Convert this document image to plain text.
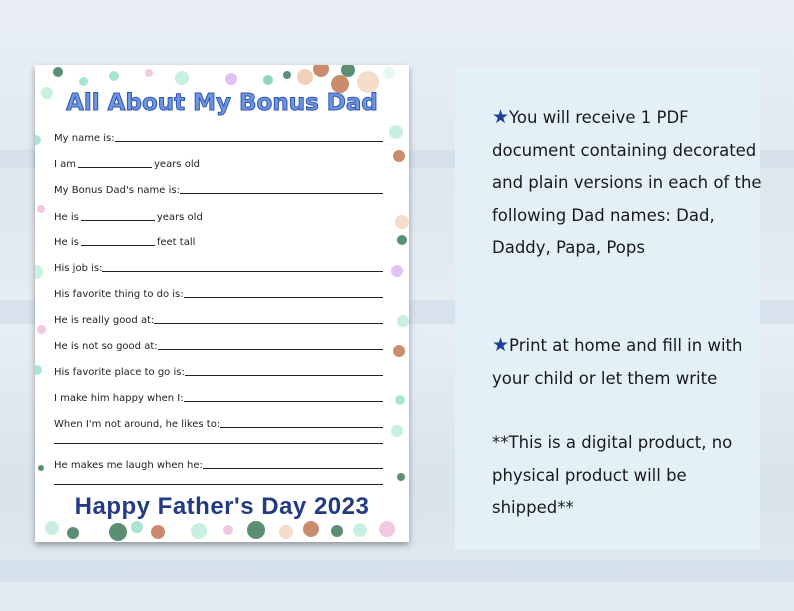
All About My Bonus Dad
My name is:
I am	years old
My Bonus Dad's name is:
He is	years old
He is	feet tall
His job is:
His favorite thing to do is:
He is really good at:
He is not so good at:
His favorite place to go is:
I make him happy when I:
When I'm not around, he likes to:
He makes me laugh when he:
Happy Father's Day 2023
★You will receive 1 PDF document containing decorated and plain versions in each of the following Dad names: Dad, Daddy, Papa, Pops
★Print at home and fill in with your child or let them write
**This is a digital product, no physical product will be shipped**
